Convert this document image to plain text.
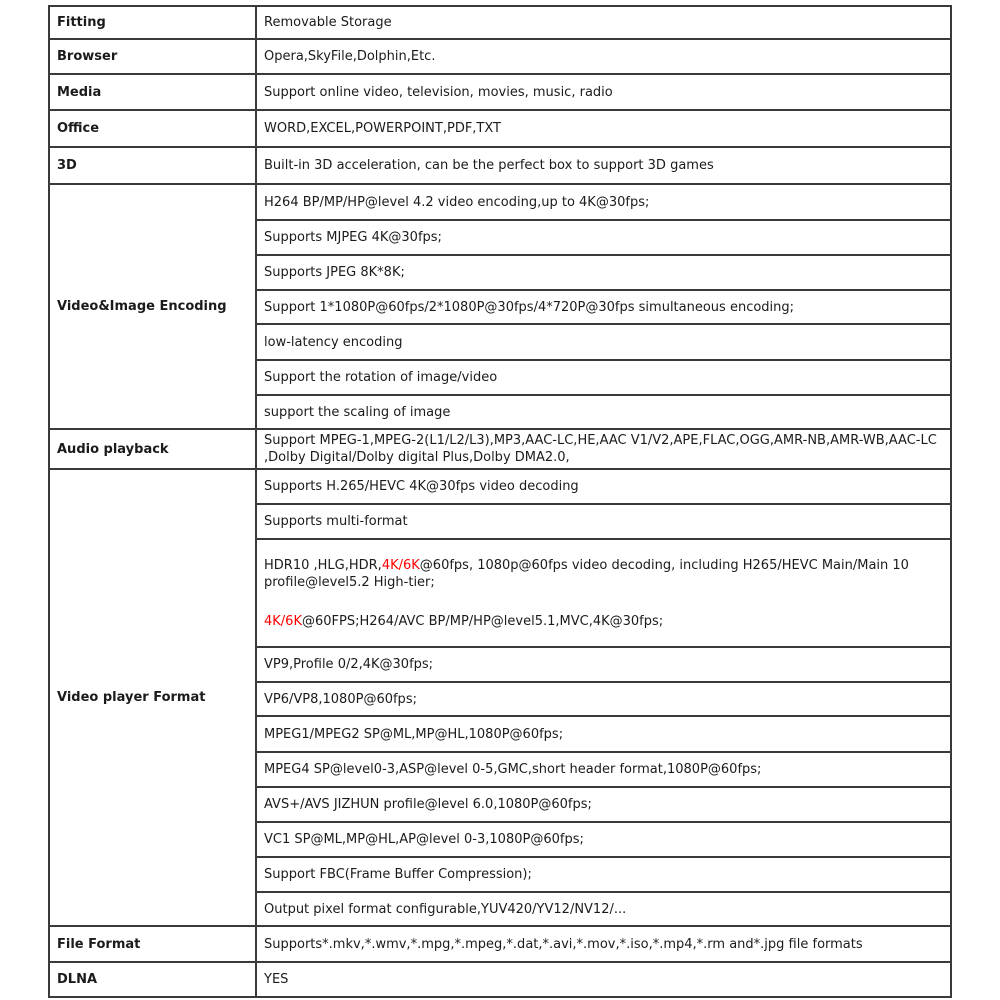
Fitting	Removable Storage
Browser	Opera,SkyFile,Dolphin,Etc.
Media	Support online video, television, movies, music, radio
Office	WORD,EXCEL,POWERPOINT,PDF,TXT
3D	Built-in 3D acceleration, can be the perfect box to support 3D games
Video&Image Encoding	H264 BP/MP/HP@level 4.2 video encoding,up to 4K@30fps;
	Supports MJPEG 4K@30fps;
	Supports JPEG 8K*8K;
	Support 1*1080P@60fps/2*1080P@30fps/4*720P@30fps simultaneous encoding;
	low-latency encoding
	Support the rotation of image/video
	support the scaling of image
Audio playback	Support MPEG-1,MPEG-2(L1/L2/L3),MP3,AAC-LC,HE,AAC V1/V2,APE,FLAC,OGG,AMR-NB,AMR-WB,AAC-LC ,Dolby Digital/Dolby digital Plus,Dolby DMA2.0,
Video player Format	Supports H.265/HEVC 4K@30fps video decoding
	Supports multi-format

	HDR10 ,HLG,HDR,4K/6K@60fps, 1080p@60fps video decoding, including H265/HEVC Main/Main 10 profile@level5.2 High-tier;
4K/6K@60FPS;H264/AVC BP/MP/HP@level5.1,MVC,4K@30fps;

	VP9,Profile 0/2,4K@30fps;
	VP6/VP8,1080P@60fps;
	MPEG1/MPEG2 SP@ML,MP@HL,1080P@60fps;
	MPEG4 SP@level0-3,ASP@level 0-5,GMC,short header format,1080P@60fps;
	AVS+/AVS JIZHUN profile@level 6.0,1080P@60fps;
	VC1 SP@ML,MP@HL,AP@level 0-3,1080P@60fps;
	Support FBC(Frame Buffer Compression);
	Output pixel format configurable,YUV420/YV12/NV12/...
File Format	Supports*.mkv,*.wmv,*.mpg,*.mpeg,*.dat,*.avi,*.mov,*.iso,*.mp4,*.rm and*.jpg file formats
DLNA	YES
